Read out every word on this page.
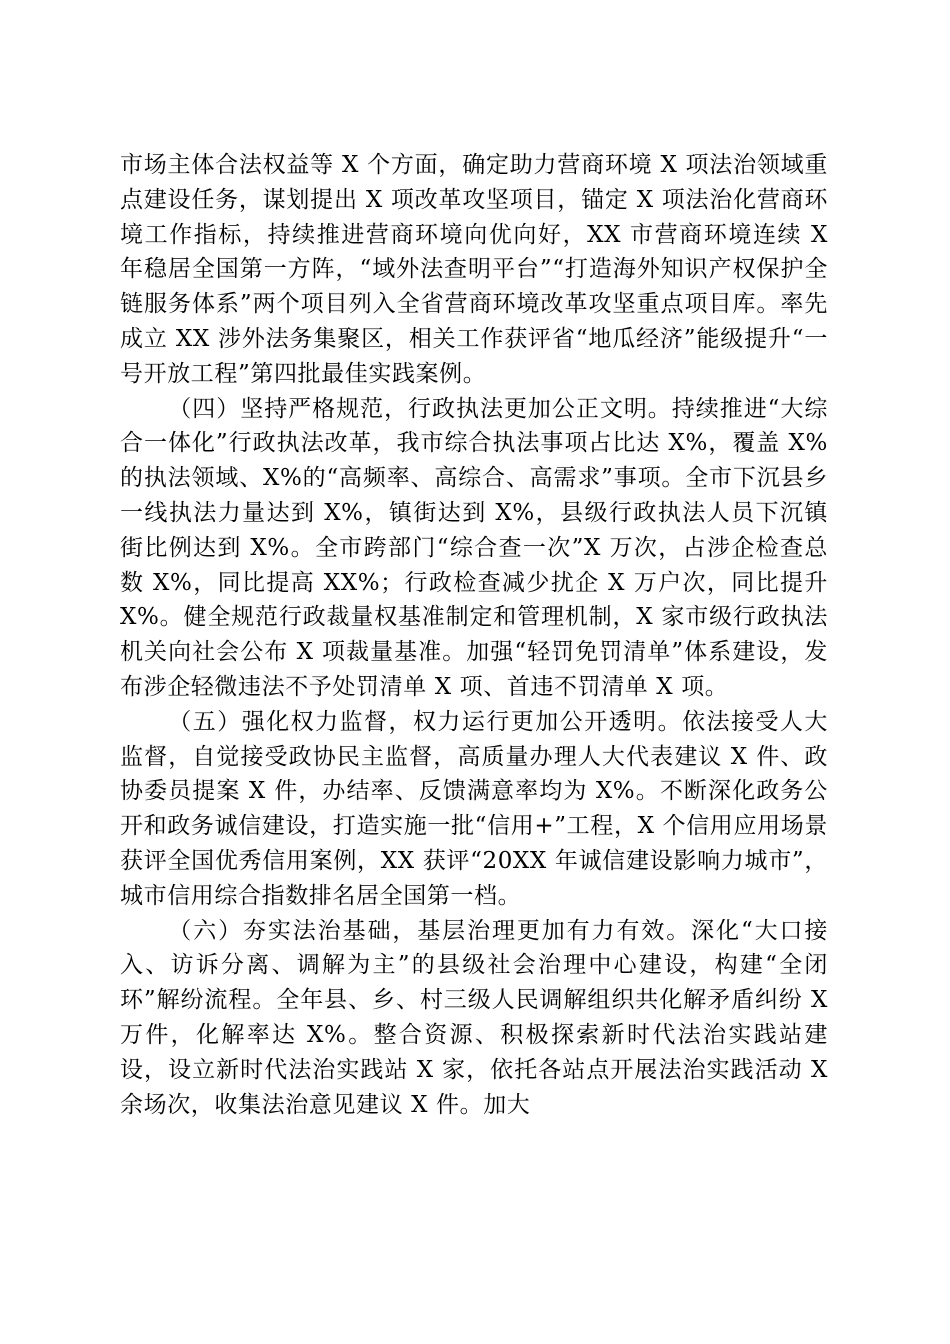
市场主体合法权益等 X 个方面，确定助力营商环境 X 项法治领域重点建设任务，谋划提出 X 项改革攻坚项目，锚定 X 项法治化营商环境工作指标，持续推进营商环境向优向好，XX 市营商环境连续 X 年稳居全国第一方阵，“域外法查明平台”“打造海外知识产权保护全链服务体系”两个项目列入全省营商环境改革攻坚重点项目库。率先成立 XX 涉外法务集聚区，相关工作获评省“地瓜经济”能级提升“一号开放工程”第四批最佳实践案例。

（四）坚持严格规范，行政执法更加公正文明。持续推进“大综合一体化”行政执法改革，我市综合执法事项占比达 X%，覆盖 X%的执法领域、X%的“高频率、高综合、高需求”事项。全市下沉县乡一线执法力量达到 X%，镇街达到 X%，县级行政执法人员下沉镇街比例达到 X%。全市跨部门“综合查一次”X 万次，占涉企检查总数 X%，同比提高 XX%；行政检查减少扰企 X 万户次，同比提升 X%。健全规范行政裁量权基准制定和管理机制，X 家市级行政执法机关向社会公布 X 项裁量基准。加强“轻罚免罚清单”体系建设，发布涉企轻微违法不予处罚清单 X 项、首违不罚清单 X 项。

（五）强化权力监督，权力运行更加公开透明。依法接受人大监督，自觉接受政协民主监督，高质量办理人大代表建议 X 件、政协委员提案 X 件，办结率、反馈满意率均为 X%。不断深化政务公开和政务诚信建设，打造实施一批“信用+”工程，X 个信用应用场景获评全国优秀信用案例，XX 获评“20XX 年诚信建设影响力城市”，城市信用综合指数排名居全国第一档。

（六）夯实法治基础，基层治理更加有力有效。深化“大口接入、访诉分离、调解为主”的县级社会治理中心建设，构建“全闭环”解纷流程。全年县、乡、村三级人民调解组织共化解矛盾纠纷 X 万件，化解率达 X%。整合资源、积极探索新时代法治实践站建设，设立新时代法治实践站 X 家，依托各站点开展法治实践活动 X 余场次，收集法治意见建议 X 件。加大
